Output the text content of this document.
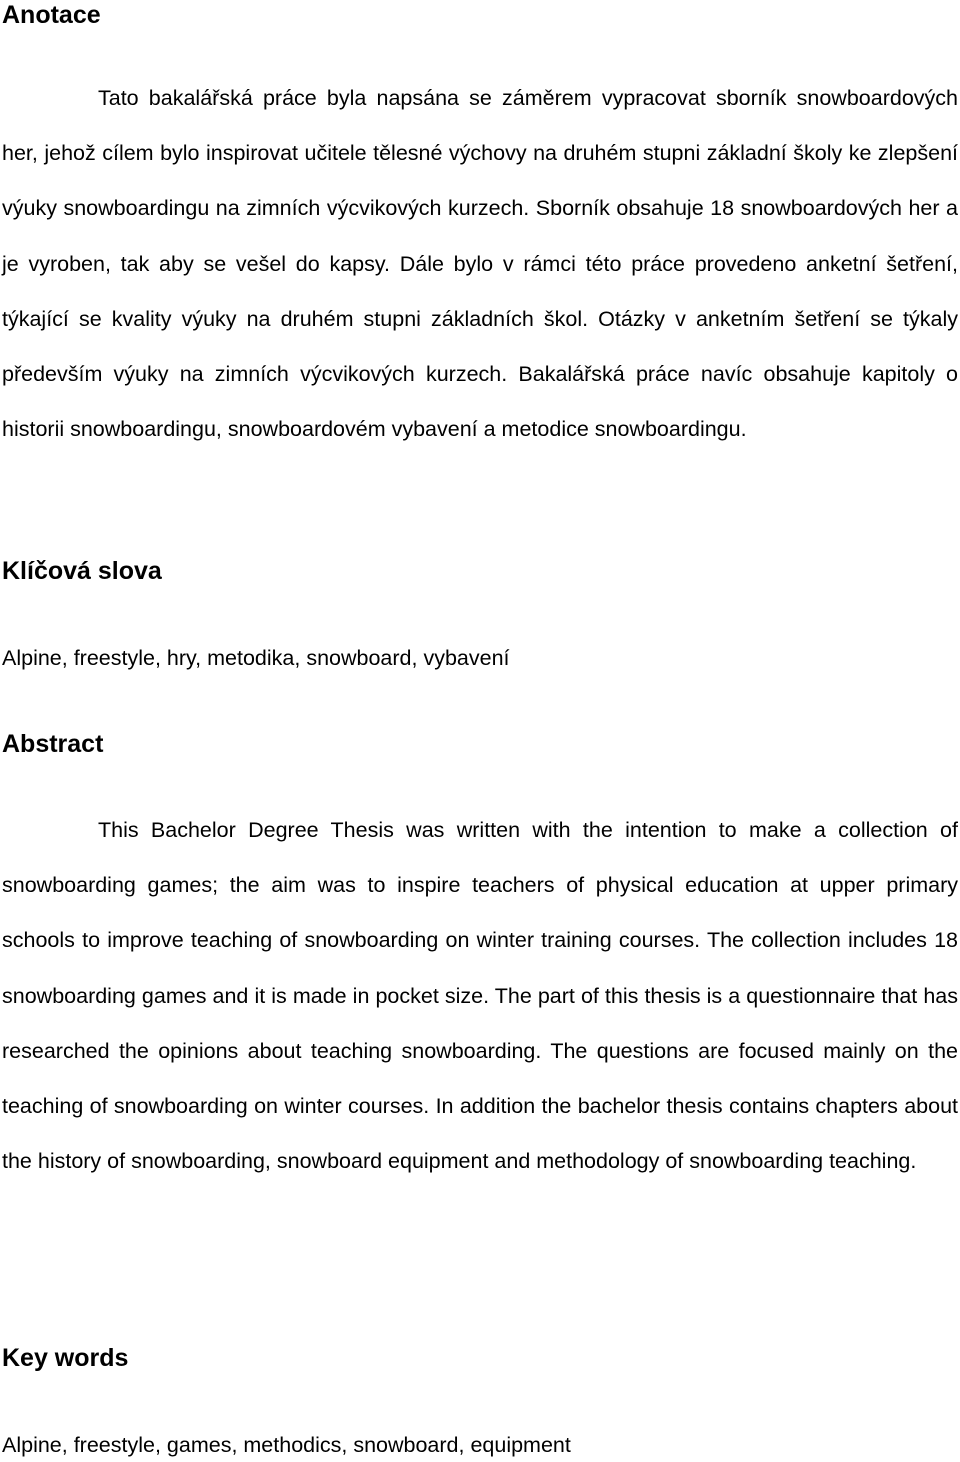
Anotace

Tato bakalářská práce byla napsána se záměrem vypracovat sborník snowboardových her, jehož cílem bylo inspirovat učitele tělesné výchovy na druhém stupni základní školy ke zlepšení výuky snowboardingu na zimních výcvikových kurzech. Sborník obsahuje 18 snowboardových her a je vyroben, tak aby se vešel do kapsy. Dále bylo v rámci této práce provedeno anketní šetření, týkající se kvality výuky na druhém stupni základních škol. Otázky v anketním šetření se týkaly především výuky na zimních výcvikových kurzech. Bakalářská práce navíc obsahuje kapitoly o historii snowboardingu, snowboardovém vybavení a metodice snowboardingu.

Klíčová slova

Alpine, freestyle, hry, metodika, snowboard, vybavení

Abstract

This Bachelor Degree Thesis was written with the intention to make a collection of snowboarding games; the aim was to inspire teachers of physical education at upper primary schools to improve teaching of snowboarding on winter training courses. The collection includes 18 snowboarding games and it is made in pocket size. The part of this thesis is a questionnaire that has researched the opinions about teaching snowboarding. The questions are focused mainly on the teaching of snowboarding on winter courses. In addition the bachelor thesis contains chapters about the history of snowboarding, snowboard equipment and methodology of snowboarding teaching.

Key words

Alpine, freestyle, games, methodics, snowboard, equipment
